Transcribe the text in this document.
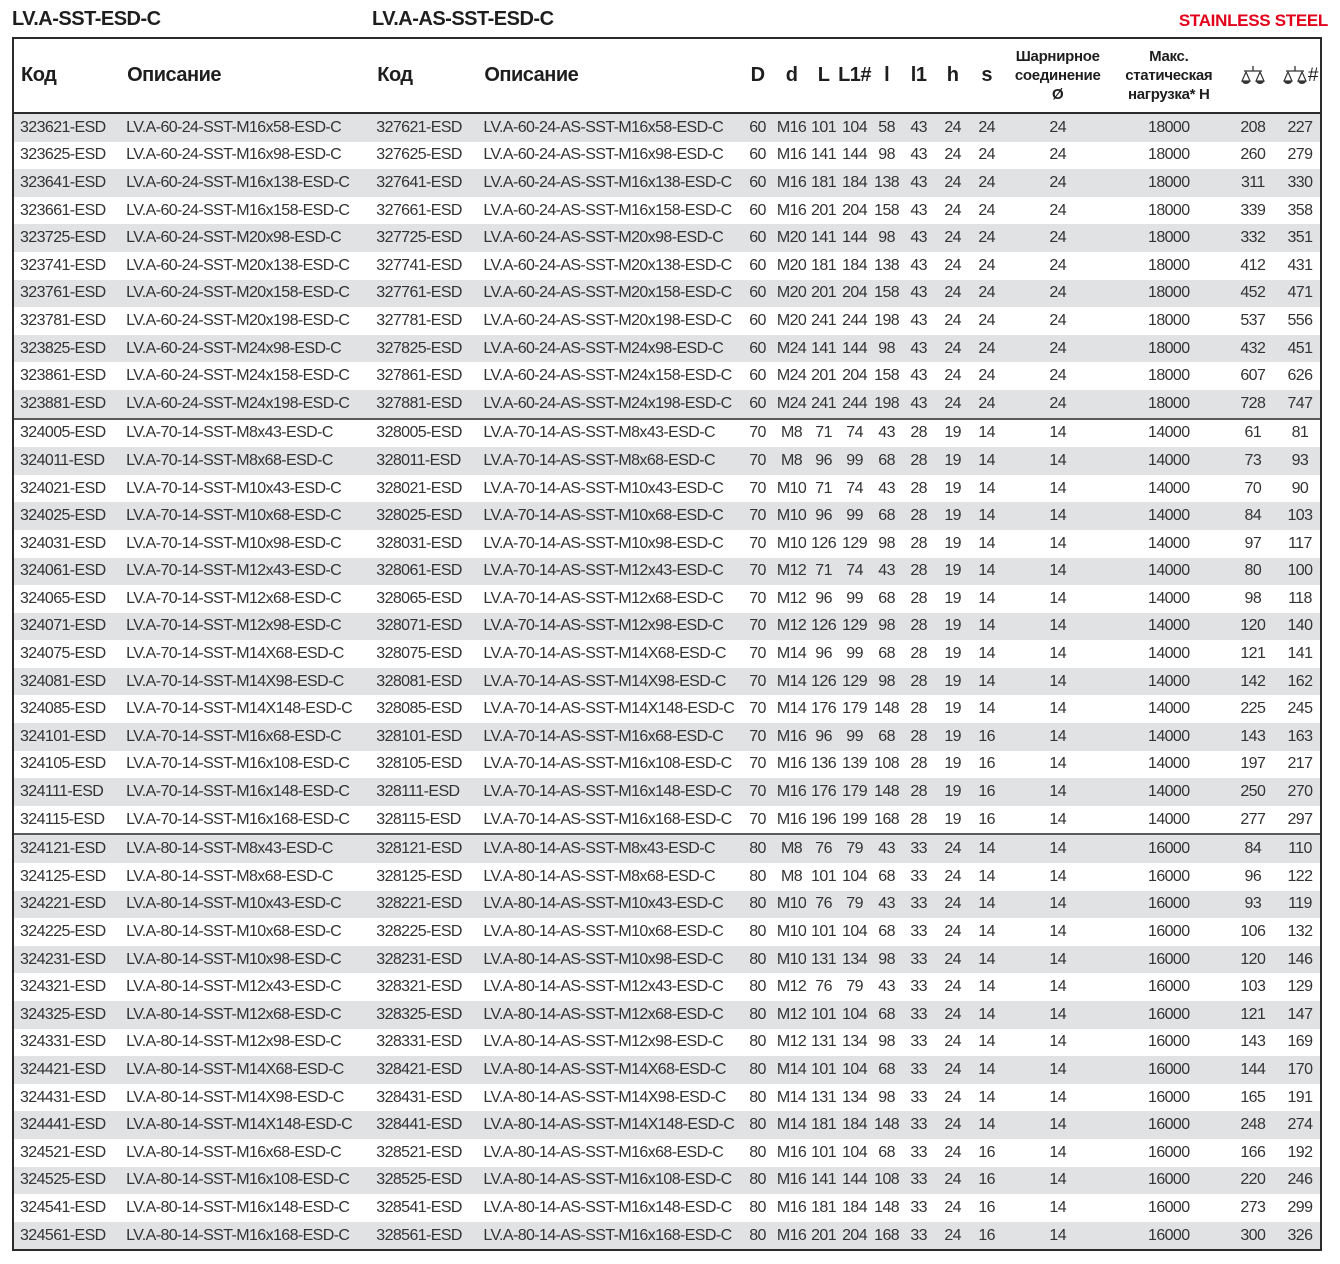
LV.A-SST-ESD-C	LV.A-AS-SST-ESD-C	STAINLESS STEEL
Код	Описание	Код	Описание	D	d	L	L1#	l	l1	h	s	Шарнирное
соединение
Ø	Макс.
статическая
нагрузка* H		#
323621-ESD	LV.A-60-24-SST-M16x58-ESD-C	327621-ESD	LV.A-60-24-AS-SST-M16x58-ESD-C	60	M16	101	104	58	43	24	24	24	18000	208	227
323625-ESD	LV.A-60-24-SST-M16x98-ESD-C	327625-ESD	LV.A-60-24-AS-SST-M16x98-ESD-C	60	M16	141	144	98	43	24	24	24	18000	260	279
323641-ESD	LV.A-60-24-SST-M16x138-ESD-C	327641-ESD	LV.A-60-24-AS-SST-M16x138-ESD-C	60	M16	181	184	138	43	24	24	24	18000	311	330
323661-ESD	LV.A-60-24-SST-M16x158-ESD-C	327661-ESD	LV.A-60-24-AS-SST-M16x158-ESD-C	60	M16	201	204	158	43	24	24	24	18000	339	358
323725-ESD	LV.A-60-24-SST-M20x98-ESD-C	327725-ESD	LV.A-60-24-AS-SST-M20x98-ESD-C	60	M20	141	144	98	43	24	24	24	18000	332	351
323741-ESD	LV.A-60-24-SST-M20x138-ESD-C	327741-ESD	LV.A-60-24-AS-SST-M20x138-ESD-C	60	M20	181	184	138	43	24	24	24	18000	412	431
323761-ESD	LV.A-60-24-SST-M20x158-ESD-C	327761-ESD	LV.A-60-24-AS-SST-M20x158-ESD-C	60	M20	201	204	158	43	24	24	24	18000	452	471
323781-ESD	LV.A-60-24-SST-M20x198-ESD-C	327781-ESD	LV.A-60-24-AS-SST-M20x198-ESD-C	60	M20	241	244	198	43	24	24	24	18000	537	556
323825-ESD	LV.A-60-24-SST-M24x98-ESD-C	327825-ESD	LV.A-60-24-AS-SST-M24x98-ESD-C	60	M24	141	144	98	43	24	24	24	18000	432	451
323861-ESD	LV.A-60-24-SST-M24x158-ESD-C	327861-ESD	LV.A-60-24-AS-SST-M24x158-ESD-C	60	M24	201	204	158	43	24	24	24	18000	607	626
323881-ESD	LV.A-60-24-SST-M24x198-ESD-C	327881-ESD	LV.A-60-24-AS-SST-M24x198-ESD-C	60	M24	241	244	198	43	24	24	24	18000	728	747
324005-ESD	LV.A-70-14-SST-M8x43-ESD-C	328005-ESD	LV.A-70-14-AS-SST-M8x43-ESD-C	70	M8	71	74	43	28	19	14	14	14000	61	81
324011-ESD	LV.A-70-14-SST-M8x68-ESD-C	328011-ESD	LV.A-70-14-AS-SST-M8x68-ESD-C	70	M8	96	99	68	28	19	14	14	14000	73	93
324021-ESD	LV.A-70-14-SST-M10x43-ESD-C	328021-ESD	LV.A-70-14-AS-SST-M10x43-ESD-C	70	M10	71	74	43	28	19	14	14	14000	70	90
324025-ESD	LV.A-70-14-SST-M10x68-ESD-C	328025-ESD	LV.A-70-14-AS-SST-M10x68-ESD-C	70	M10	96	99	68	28	19	14	14	14000	84	103
324031-ESD	LV.A-70-14-SST-M10x98-ESD-C	328031-ESD	LV.A-70-14-AS-SST-M10x98-ESD-C	70	M10	126	129	98	28	19	14	14	14000	97	117
324061-ESD	LV.A-70-14-SST-M12x43-ESD-C	328061-ESD	LV.A-70-14-AS-SST-M12x43-ESD-C	70	M12	71	74	43	28	19	14	14	14000	80	100
324065-ESD	LV.A-70-14-SST-M12x68-ESD-C	328065-ESD	LV.A-70-14-AS-SST-M12x68-ESD-C	70	M12	96	99	68	28	19	14	14	14000	98	118
324071-ESD	LV.A-70-14-SST-M12x98-ESD-C	328071-ESD	LV.A-70-14-AS-SST-M12x98-ESD-C	70	M12	126	129	98	28	19	14	14	14000	120	140
324075-ESD	LV.A-70-14-SST-M14X68-ESD-C	328075-ESD	LV.A-70-14-AS-SST-M14X68-ESD-C	70	M14	96	99	68	28	19	14	14	14000	121	141
324081-ESD	LV.A-70-14-SST-M14X98-ESD-C	328081-ESD	LV.A-70-14-AS-SST-M14X98-ESD-C	70	M14	126	129	98	28	19	14	14	14000	142	162
324085-ESD	LV.A-70-14-SST-M14X148-ESD-C	328085-ESD	LV.A-70-14-AS-SST-M14X148-ESD-C	70	M14	176	179	148	28	19	14	14	14000	225	245
324101-ESD	LV.A-70-14-SST-M16x68-ESD-C	328101-ESD	LV.A-70-14-AS-SST-M16x68-ESD-C	70	M16	96	99	68	28	19	16	14	14000	143	163
324105-ESD	LV.A-70-14-SST-M16x108-ESD-C	328105-ESD	LV.A-70-14-AS-SST-M16x108-ESD-C	70	M16	136	139	108	28	19	16	14	14000	197	217
324111-ESD	LV.A-70-14-SST-M16x148-ESD-C	328111-ESD	LV.A-70-14-AS-SST-M16x148-ESD-C	70	M16	176	179	148	28	19	16	14	14000	250	270
324115-ESD	LV.A-70-14-SST-M16x168-ESD-C	328115-ESD	LV.A-70-14-AS-SST-M16x168-ESD-C	70	M16	196	199	168	28	19	16	14	14000	277	297
324121-ESD	LV.A-80-14-SST-M8x43-ESD-C	328121-ESD	LV.A-80-14-AS-SST-M8x43-ESD-C	80	M8	76	79	43	33	24	14	14	16000	84	110
324125-ESD	LV.A-80-14-SST-M8x68-ESD-C	328125-ESD	LV.A-80-14-AS-SST-M8x68-ESD-C	80	M8	101	104	68	33	24	14	14	16000	96	122
324221-ESD	LV.A-80-14-SST-M10x43-ESD-C	328221-ESD	LV.A-80-14-AS-SST-M10x43-ESD-C	80	M10	76	79	43	33	24	14	14	16000	93	119
324225-ESD	LV.A-80-14-SST-M10x68-ESD-C	328225-ESD	LV.A-80-14-AS-SST-M10x68-ESD-C	80	M10	101	104	68	33	24	14	14	16000	106	132
324231-ESD	LV.A-80-14-SST-M10x98-ESD-C	328231-ESD	LV.A-80-14-AS-SST-M10x98-ESD-C	80	M10	131	134	98	33	24	14	14	16000	120	146
324321-ESD	LV.A-80-14-SST-M12x43-ESD-C	328321-ESD	LV.A-80-14-AS-SST-M12x43-ESD-C	80	M12	76	79	43	33	24	14	14	16000	103	129
324325-ESD	LV.A-80-14-SST-M12x68-ESD-C	328325-ESD	LV.A-80-14-AS-SST-M12x68-ESD-C	80	M12	101	104	68	33	24	14	14	16000	121	147
324331-ESD	LV.A-80-14-SST-M12x98-ESD-C	328331-ESD	LV.A-80-14-AS-SST-M12x98-ESD-C	80	M12	131	134	98	33	24	14	14	16000	143	169
324421-ESD	LV.A-80-14-SST-M14X68-ESD-C	328421-ESD	LV.A-80-14-AS-SST-M14X68-ESD-C	80	M14	101	104	68	33	24	14	14	16000	144	170
324431-ESD	LV.A-80-14-SST-M14X98-ESD-C	328431-ESD	LV.A-80-14-AS-SST-M14X98-ESD-C	80	M14	131	134	98	33	24	14	14	16000	165	191
324441-ESD	LV.A-80-14-SST-M14X148-ESD-C	328441-ESD	LV.A-80-14-AS-SST-M14X148-ESD-C	80	M14	181	184	148	33	24	14	14	16000	248	274
324521-ESD	LV.A-80-14-SST-M16x68-ESD-C	328521-ESD	LV.A-80-14-AS-SST-M16x68-ESD-C	80	M16	101	104	68	33	24	16	14	16000	166	192
324525-ESD	LV.A-80-14-SST-M16x108-ESD-C	328525-ESD	LV.A-80-14-AS-SST-M16x108-ESD-C	80	M16	141	144	108	33	24	16	14	16000	220	246
324541-ESD	LV.A-80-14-SST-M16x148-ESD-C	328541-ESD	LV.A-80-14-AS-SST-M16x148-ESD-C	80	M16	181	184	148	33	24	16	14	16000	273	299
324561-ESD	LV.A-80-14-SST-M16x168-ESD-C	328561-ESD	LV.A-80-14-AS-SST-M16x168-ESD-C	80	M16	201	204	168	33	24	16	14	16000	300	326
